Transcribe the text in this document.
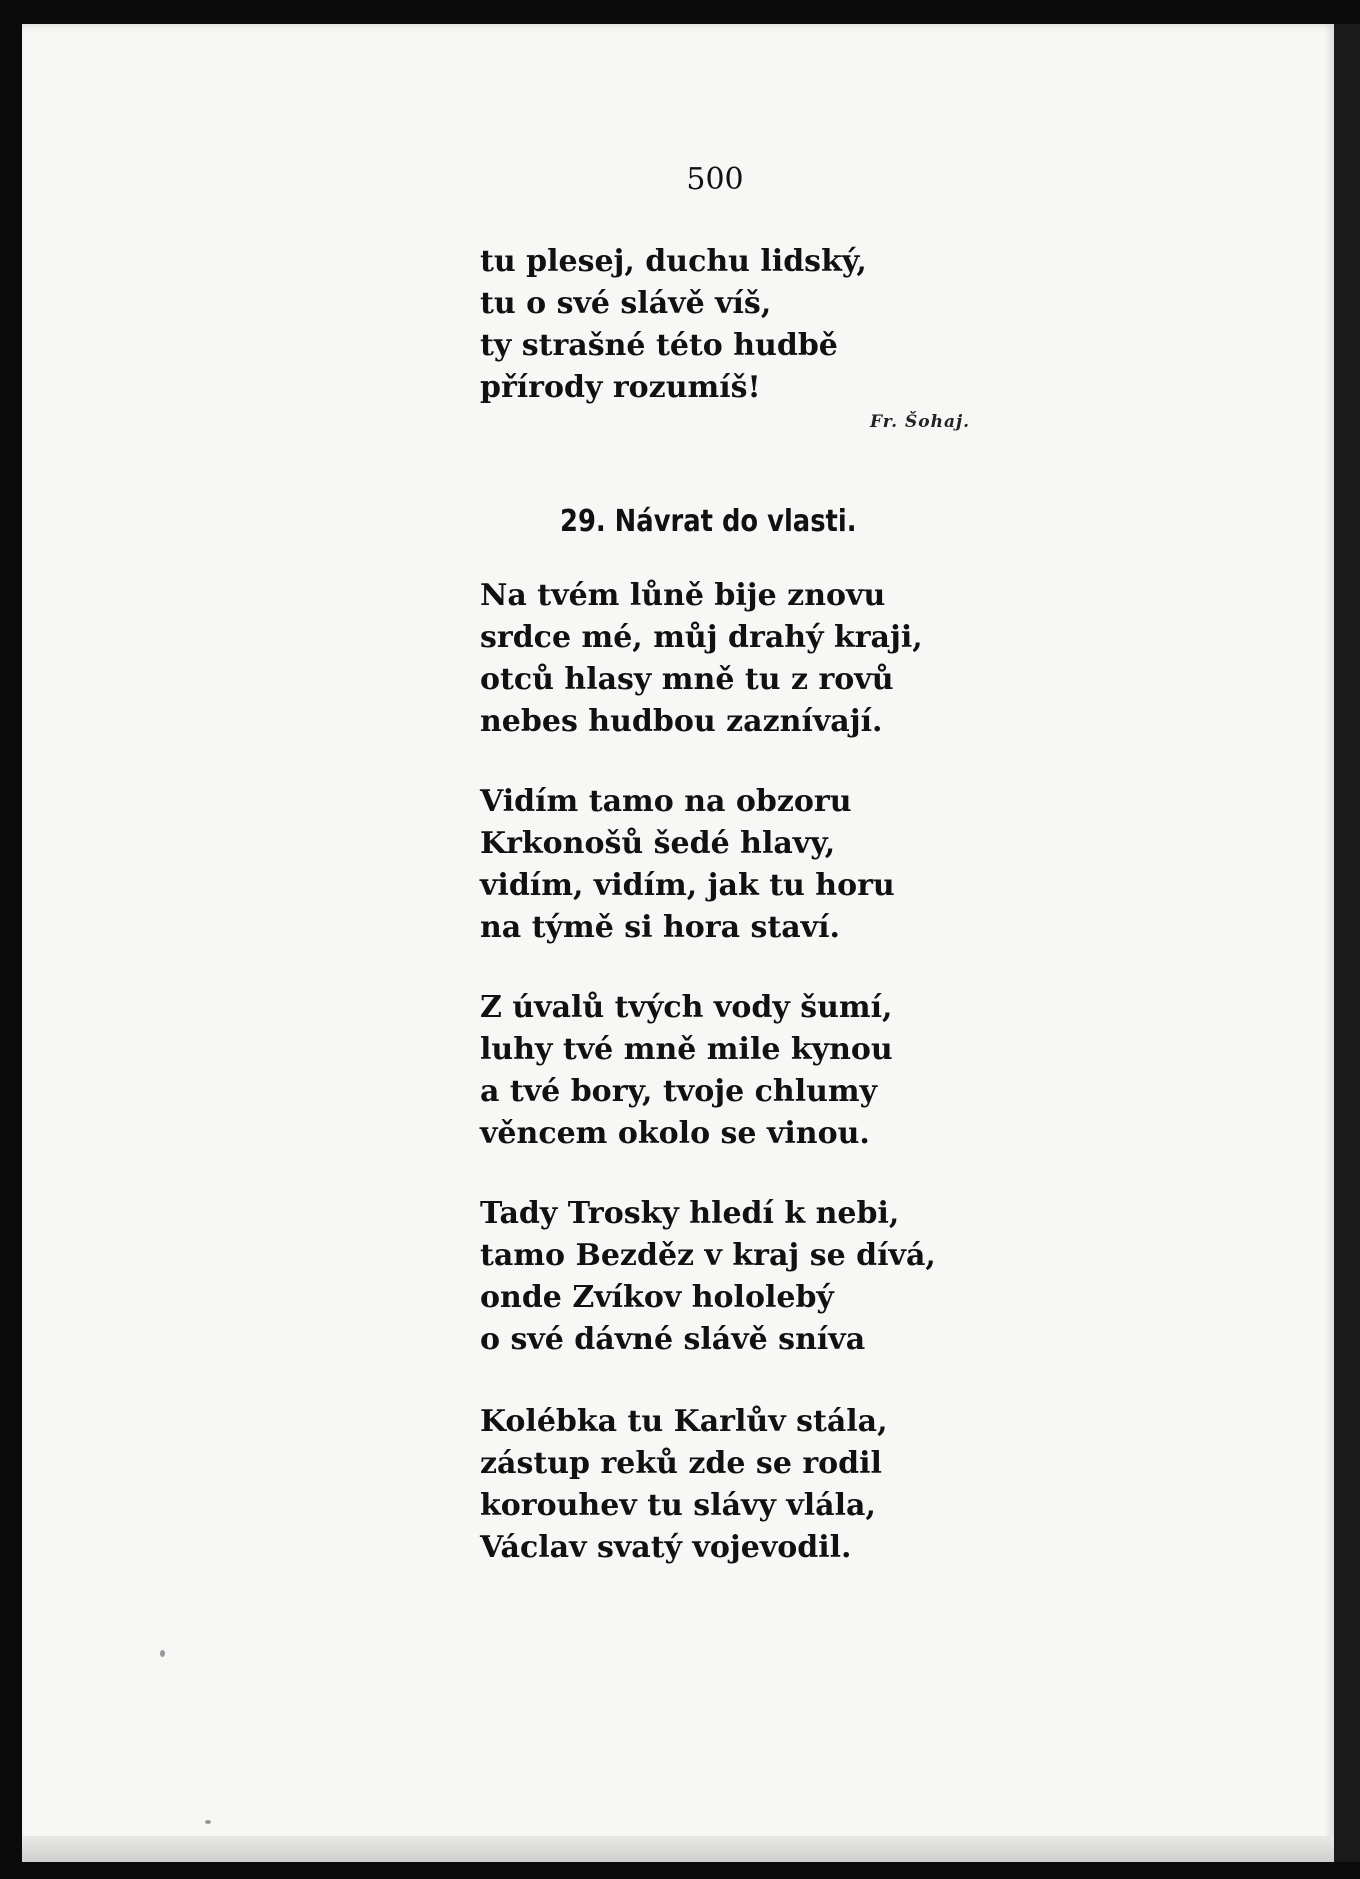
500
tu plesej, duchu lidský,
tu o své slávě víš,
ty strašné této hudbě
přírody rozumíš!
Fr. Šohaj.
29. Návrat do vlasti.
Na tvém lůně bije znovu
srdce mé, můj drahý kraji,
otců hlasy mně tu z rovů
nebes hudbou zaznívají.
Vidím tamo na obzoru
Krkonošů šedé hlavy,
vidím, vidím, jak tu horu
na týmě si hora staví.
Z úvalů tvých vody šumí,
luhy tvé mně mile kynou
a tvé bory, tvoje chlumy
věncem okolo se vinou.
Tady Trosky hledí k nebi,
tamo Bezděz v kraj se dívá,
onde Zvíkov hololebý
o své dávné slávě sníva
Kolébka tu Karlův stála,
zástup reků zde se rodil
korouhev tu slávy vlála,
Václav svatý vojevodil.
